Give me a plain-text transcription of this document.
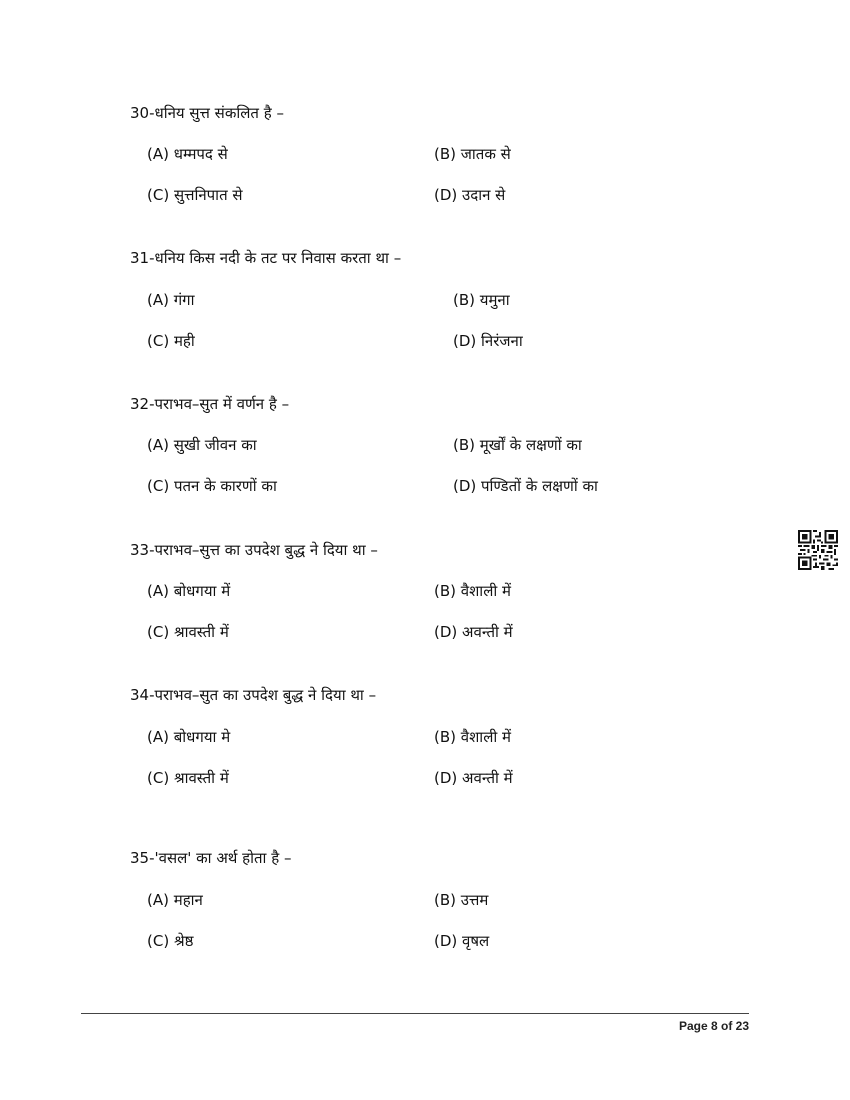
30-धनिय सुत्त संकलित है –
(A) धम्मपद से	(B) जातक से
(C) सुत्तनिपात से	(D) उदान से
31-धनिय किस नदी के तट पर निवास करता था –
(A) गंगा	(B) यमुना
(C) मही	(D) निरंजना
32-पराभव–सुत में वर्णन है –
(A) सुखी जीवन का	(B) मूर्खों के लक्षणों का
(C) पतन के कारणों का	(D) पण्डितों के लक्षणों का
33-पराभव–सुत्त का उपदेश बुद्ध ने दिया था –
(A) बोधगया में	(B) वैशाली में
(C) श्रावस्ती में	(D) अवन्ती में
34-पराभव–सुत का उपदेश बुद्ध ने दिया था –
(A) बोधगया मे	(B) वैशाली में
(C) श्रावस्ती में	(D) अवन्ती में
35-'वसल' का अर्थ होता है –
(A) महान	(B) उत्तम
(C) श्रेष्ठ	(D) वृषल
Page 8 of 23
